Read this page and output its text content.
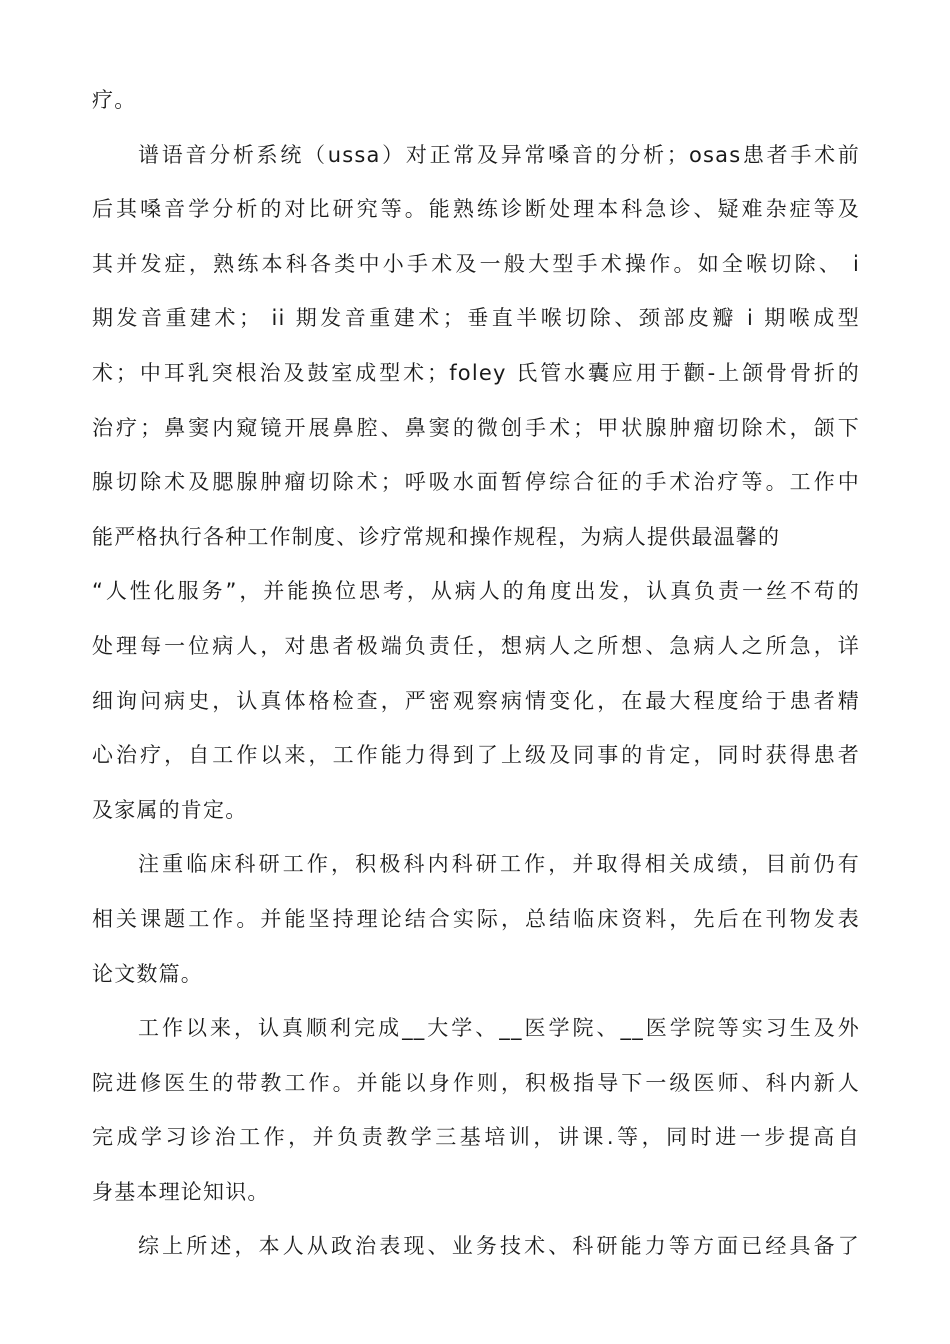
疗。
谱语音分析系统（ussa）对正常及异常嗓音的分析；osas患者手术前
后其嗓音学分析的对比研究等。能熟练诊断处理本科急诊、疑难杂症等及
其并发症，熟练本科各类中小手术及一般大型手术操作。如全喉切除、 i
期发音重建术； ii 期发音重建术；垂直半喉切除、颈部皮瓣 i 期喉成型
术；中耳乳突根治及鼓室成型术；foley 氏管水囊应用于颧-上颌骨骨折的
治疗；鼻窦内窥镜开展鼻腔、鼻窦的微创手术；甲状腺肿瘤切除术，颌下
腺切除术及腮腺肿瘤切除术；呼吸水面暂停综合征的手术治疗等。工作中
能严格执行各种工作制度、诊疗常规和操作规程，为病人提供最温馨的
“人性化服务”，并能换位思考，从病人的角度出发，认真负责一丝不苟的
处理每一位病人，对患者极端负责任，想病人之所想、急病人之所急，详
细询问病史，认真体格检查，严密观察病情变化，在最大程度给于患者精
心治疗，自工作以来，工作能力得到了上级及同事的肯定，同时获得患者
及家属的肯定。
注重临床科研工作，积极科内科研工作，并取得相关成绩，目前仍有
相关课题工作。并能坚持理论结合实际，总结临床资料，先后在刊物发表
论文数篇。
工作以来，认真顺利完成__大学、__医学院、__医学院等实习生及外
院进修医生的带教工作。并能以身作则，积极指导下一级医师、科内新人
完成学习诊治工作，并负责教学三基培训，讲课.等，同时进一步提高自
身基本理论知识。
综上所述，本人从政治表现、业务技术、科研能力等方面已经具备了
